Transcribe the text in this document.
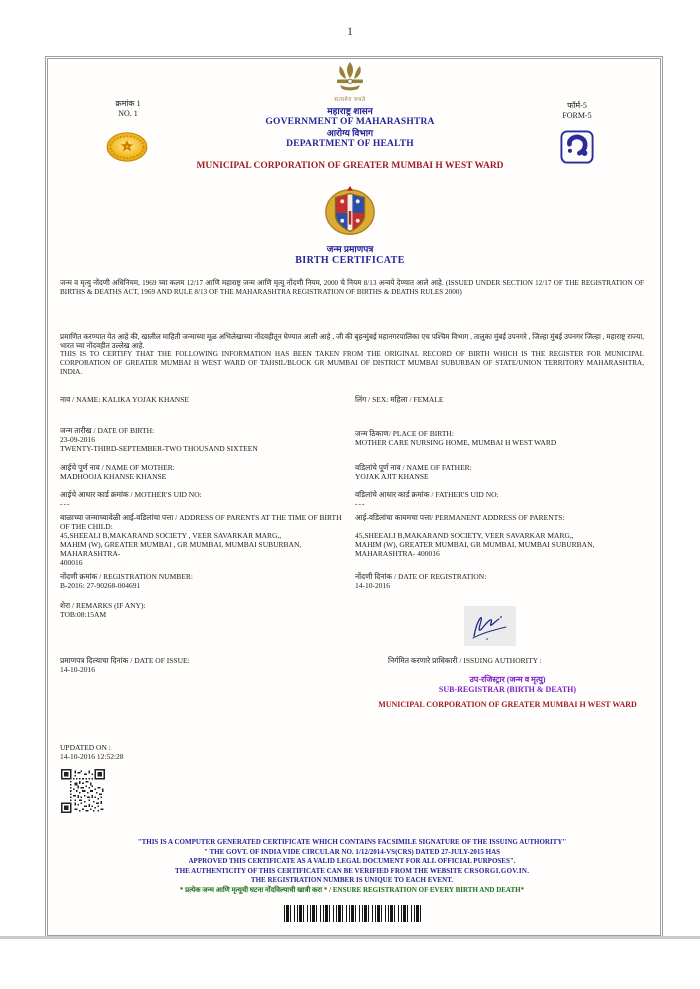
1
सत्यमेव जयते
क्रमांक 1
NO. 1
फॉर्म-5
FORM-5
महाराष्ट्र शासन
GOVERNMENT OF MAHARASHTRA
आरोग्य विभाग
DEPARTMENT OF HEALTH
MUNICIPAL CORPORATION OF GREATER MUMBAI H WEST WARD
जन्म प्रमाणपत्र
BIRTH CERTIFICATE

जन्म व मृत्यु नोंदणी अधिनियम, 1969 च्या कलम 12/17 आणि महाराष्ट्र जन्म आणि मृत्यु नोंदणी नियम, 2000 चे नियम 8/13 अन्वये देण्यात आले आहे. (ISSUED UNDER SECTION 12/17 OF THE REGISTRATION OF BIRTHS & DEATHS ACT, 1969 AND RULE 8/13 OF THE MAHARASHTRA REGISTRATION OF BIRTHS & DEATHS RULES 2000)

प्रमाणित करण्यात येत आहे की, खालील माहिती जन्माच्या मूळ अभिलेखाच्या नोंदवहीतून घेण्यात आली आहे , जी की बृहन्मुंबई महानगरपालिका एच पश्चिम विभाग , तालुका मुंबई उपनगरे , जिल्हा मुंबई उपनगर जिल्हा , महाराष्ट्र राज्या, भारत च्या नोंदवहीत उल्लेख आहे.
THIS IS TO CERTIFY THAT THE FOLLOWING INFORMATION HAS BEEN TAKEN FROM THE ORIGINAL RECORD OF BIRTH WHICH IS THE REGISTER FOR MUNICIPAL CORPORATION OF GREATER MUMBAI H WEST WARD OF TAHSIL/BLOCK GR MUMBAI OF DISTRICT MUMBAI SUBURBAN OF STATE/UNION TERRITORY MAHARASHTRA, INDIA.

नाव / NAME: KALIKA YOJAK KHANSE	लिंग / SEX: महिला / FEMALE
जन्म तारीख / DATE OF BIRTH:
23-09-2016
TWENTY-THIRD-SEPTEMBER-TWO THOUSAND SIXTEEN
जन्म ठिकाण/ PLACE OF BIRTH:
MOTHER CARE NURSING HOME, MUMBAI H WEST WARD
आईचे पूर्ण नाव / NAME OF MOTHER:
MADHOOJA KHANSE KHANSE
वडिलांचे पूर्ण नाव / NAME OF FATHER:
YOJAK AJIT KHANSE
आईचे आधार कार्ड क्रमांक / MOTHER'S UID NO:
---
वडिलांचे आधार कार्ड क्रमांक / FATHER'S UID NO:
---
बाळाच्या जन्माच्यावेळी आई-वडिलांचा पत्ता / ADDRESS OF PARENTS AT THE TIME OF BIRTH OF THE CHILD:
45,SHEEALI B,MAKARAND SOCIETY , VEER SAVARKAR MARG,,
MAHIM (W), GREATER MUMBAI , GR MUMBAI, MUMBAI SUBURBAN, MAHARASHTRA-
400016
आई-वडिलांचा कायमचा पत्ता/ PERMANENT ADDRESS OF PARENTS:
45,SHEEALI B,MAKARAND SOCIETY, VEER SAVARKAR MARG,,
MAHIM (W), GREATER MUMBAI, GR MUMBAI, MUMBAI SUBURBAN,
MAHARASHTRA- 400016
नोंदणी क्रमांक / REGISTRATION NUMBER:
B-2016: 27-90268-004691
नोंदणी दिनांक / DATE OF REGISTRATION:
14-10-2016
शेरा / REMARKS (IF ANY):
TOB:08:15AM
प्रमाणपत्र दिल्याचा दिनांक / DATE OF ISSUE:
14-10-2016
निर्गमित करणारे प्राधिकारी / ISSUING AUTHORITY :
उप-रजिस्ट्रार (जन्म व मृत्यु)
SUB-REGISTRAR (BIRTH & DEATH)
MUNICIPAL CORPORATION OF GREATER MUMBAI H WEST WARD
UPDATED ON :
14-10-2016 12:52:28
"THIS IS A COMPUTER GENERATED CERTIFICATE WHICH CONTAINS FACSIMILE SIGNATURE OF THE ISSUING AUTHORITY"
" THE GOVT. OF INDIA VIDE CIRCULAR NO. 1/12/2014-VS(CRS) DATED 27-JULY-2015 HAS
APPROVED THIS CERTIFICATE AS A VALID LEGAL DOCUMENT FOR ALL OFFICIAL PURPOSES".
THE AUTHENTICITY OF THIS CERTIFICATE CAN BE VERIFIED FROM THE WEBSITE CRSORGI.GOV.IN.
THE REGISTRATION NUMBER IS UNIQUE TO EACH EVENT.
* प्रत्येक जन्म आणि मृत्यूची घटना नोंदविल्याची खात्री करा * / ENSURE REGISTRATION OF EVERY BIRTH AND DEATH*
